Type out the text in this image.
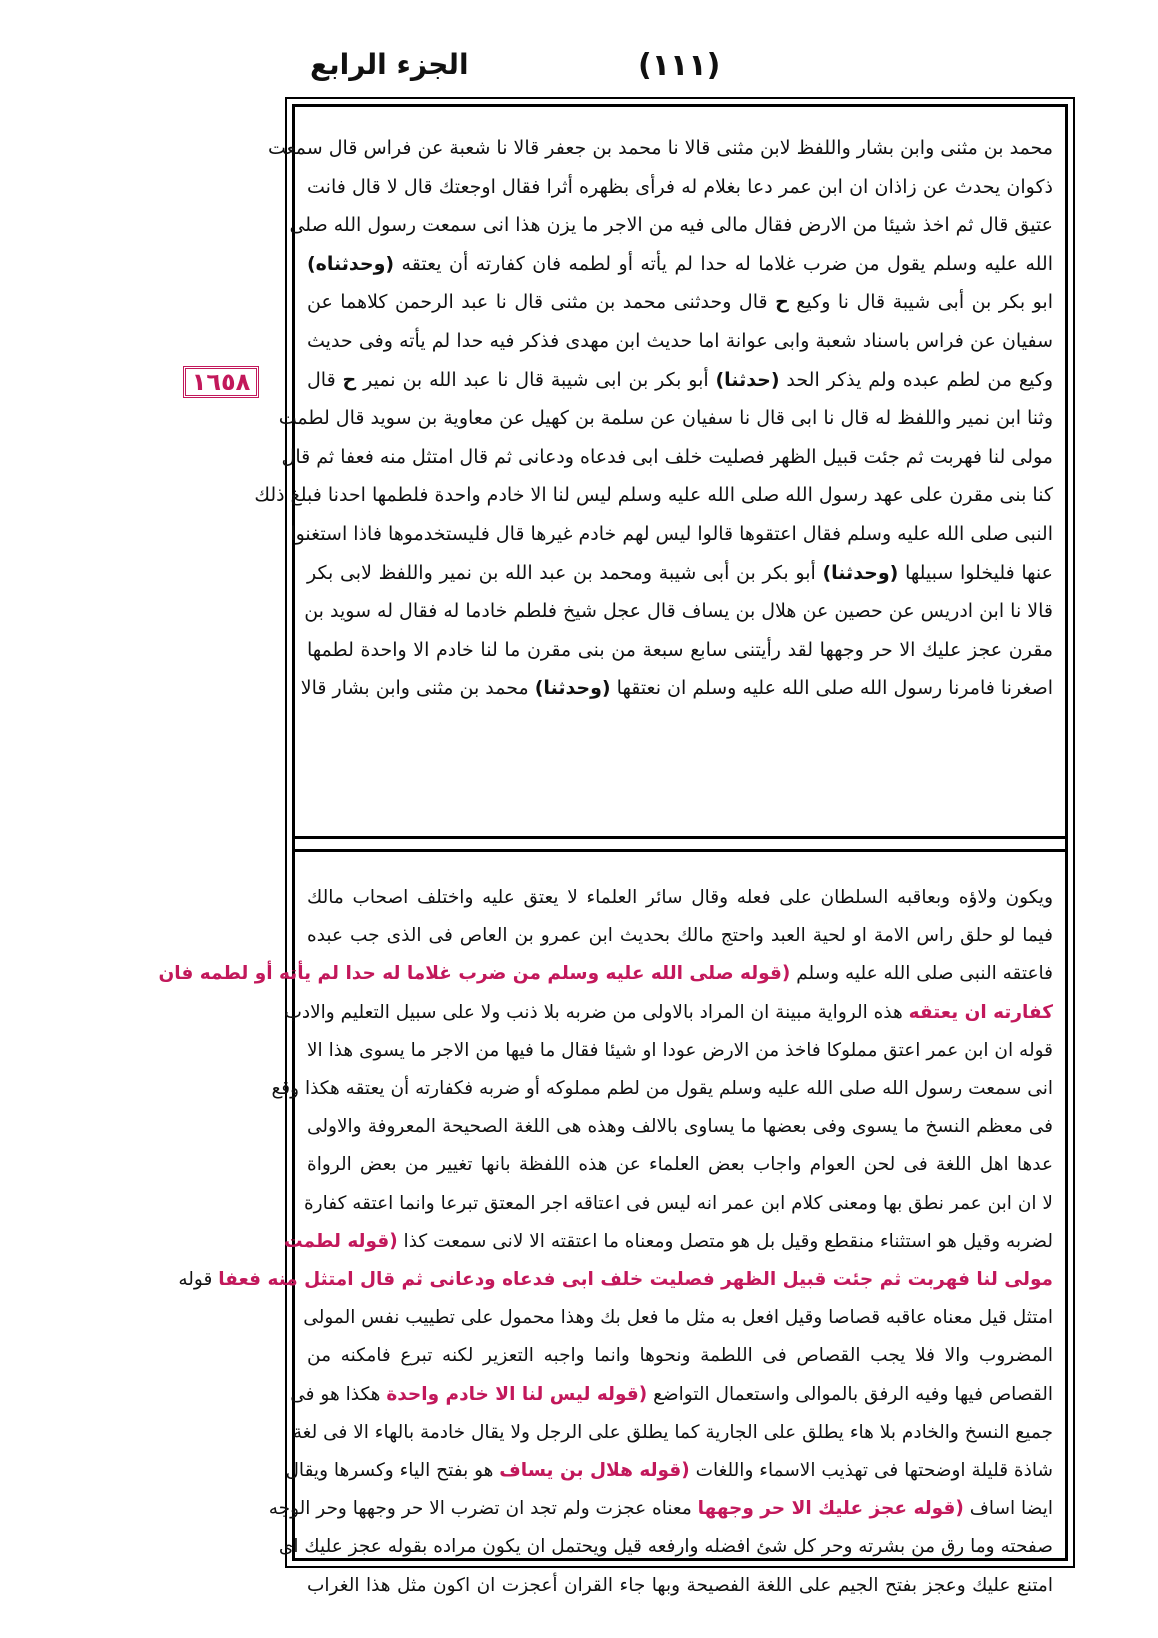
الجزء الرابع	(١١١)
١٦٥٨
محمد بن مثنى وابن بشار واللفظ لابن مثنى قالا نا محمد بن جعفر قالا نا شعبة عن فراس قال سمعت
ذكوان يحدث عن زاذان ان ابن عمر دعا بغلام له فرأى بظهره أثرا فقال اوجعتك قال لا قال فانت
عتيق قال ثم اخذ شيئا من الارض فقال مالى فيه من الاجر ما يزن هذا انى سمعت رسول الله صلى
الله عليه وسلم يقول من ضرب غلاما له حدا لم يأته أو لطمه فان كفارته أن يعتقه (وحدثناه)
ابو بكر بن أبى شيبة قال نا وكيع ح قال وحدثنى محمد بن مثنى قال نا عبد الرحمن كلاهما عن
سفيان عن فراس باسناد شعبة وابى عوانة اما حديث ابن مهدى فذكر فيه حدا لم يأته وفى حديث
وكيع من لطم عبده ولم يذكر الحد (حدثنا) أبو بكر بن ابى شيبة قال نا عبد الله بن نمير ح قال
وثنا ابن نمير واللفظ له قال نا ابى قال نا سفيان عن سلمة بن كهيل عن معاوية بن سويد قال لطمت
مولى لنا فهربت ثم جئت قبيل الظهر فصليت خلف ابى فدعاه ودعانى ثم قال امتثل منه فعفا ثم قال
كنا بنى مقرن على عهد رسول الله صلى الله عليه وسلم ليس لنا الا خادم واحدة فلطمها احدنا فبلغ ذلك
النبى صلى الله عليه وسلم فقال اعتقوها قالوا ليس لهم خادم غيرها قال فليستخدموها فاذا استغنوا
عنها فليخلوا سبيلها (وحدثنا) أبو بكر بن أبى شيبة ومحمد بن عبد الله بن نمير واللفظ لابى بكر
قالا نا ابن ادريس عن حصين عن هلال بن يساف قال عجل شيخ فلطم خادما له فقال له سويد بن
مقرن عجز عليك الا حر وجهها لقد رأيتنى سابع سبعة من بنى مقرن ما لنا خادم الا واحدة لطمها
اصغرنا فامرنا رسول الله صلى الله عليه وسلم ان نعتقها (وحدثنا) محمد بن مثنى وابن بشار قالا
ويكون ولاؤه وبعاقبه السلطان على فعله وقال سائر العلماء لا يعتق عليه واختلف اصحاب مالك
فيما لو حلق راس الامة او لحية العبد واحتج مالك بحديث ابن عمرو بن العاص فى الذى جب عبده
فاعتقه النبى صلى الله عليه وسلم (قوله صلى الله عليه وسلم من ضرب غلاما له حدا لم يأته أو لطمه فان
كفارته ان يعتقه هذه الرواية مبينة ان المراد بالاولى من ضربه بلا ذنب ولا على سبيل التعليم والادب
قوله ان ابن عمر اعتق مملوكا فاخذ من الارض عودا او شيئا فقال ما فيها من الاجر ما يسوى هذا الا
انى سمعت رسول الله صلى الله عليه وسلم يقول من لطم مملوكه أو ضربه فكفارته أن يعتقه هكذا وقع
فى معظم النسخ ما يسوى وفى بعضها ما يساوى بالالف وهذه هى اللغة الصحيحة المعروفة والاولى
عدها اهل اللغة فى لحن العوام واجاب بعض العلماء عن هذه اللفظة بانها تغيير من بعض الرواة
لا ان ابن عمر نطق بها ومعنى كلام ابن عمر انه ليس فى اعتاقه اجر المعتق تبرعا وانما اعتقه كفارة
لضربه وقيل هو استثناء منقطع وقيل بل هو متصل ومعناه ما اعتقته الا لانى سمعت كذا (قوله لطمت
مولى لنا فهربت ثم جئت قبيل الظهر فصليت خلف ابى فدعاه ودعانى ثم قال امتثل منه فعفا قوله
امتثل قيل معناه عاقبه قصاصا وقيل افعل به مثل ما فعل بك وهذا محمول على تطييب نفس المولى
المضروب والا فلا يجب القصاص فى اللطمة ونحوها وانما واجبه التعزير لكنه تبرع فامكنه من
القصاص فيها وفيه الرفق بالموالى واستعمال التواضع (قوله ليس لنا الا خادم واحدة هكذا هو فى
جميع النسخ والخادم بلا هاء يطلق على الجارية كما يطلق على الرجل ولا يقال خادمة بالهاء الا فى لغة
شاذة قليلة اوضحتها فى تهذيب الاسماء واللغات (قوله هلال بن يساف هو بفتح الياء وكسرها ويقال
ايضا اساف (قوله عجز عليك الا حر وجهها معناه عجزت ولم تجد ان تضرب الا حر وجهها وحر الوجه
صفحته وما رق من بشرته وحر كل شئ افضله وارفعه قيل ويحتمل ان يكون مراده بقوله عجز عليك اى
امتنع عليك وعجز بفتح الجيم على اللغة الفصيحة وبها جاء القران أعجزت ان اكون مثل هذا الغراب
